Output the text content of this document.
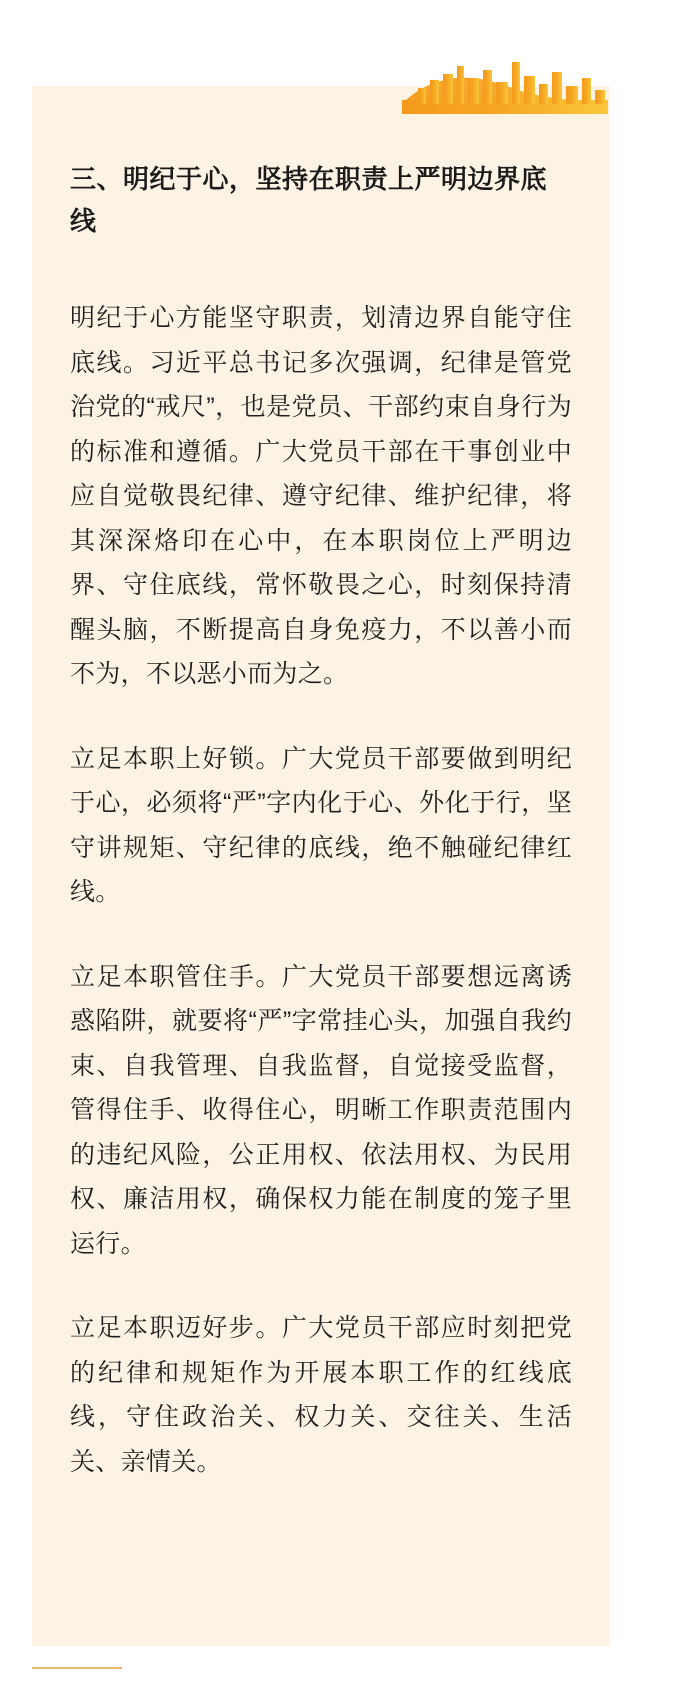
三、明纪于心，坚持在职责上严明边界底线

明纪于心方能坚守职责，划清边界自能守住底线。习近平总书记多次强调，纪律是管党治党的“戒尺”，也是党员、干部约束自身行为的标准和遵循。广大党员干部在干事创业中应自觉敬畏纪律、遵守纪律、维护纪律，将其深深烙印在心中，在本职岗位上严明边界、守住底线，常怀敬畏之心，时刻保持清醒头脑，不断提高自身免疫力，不以善小而不为，不以恶小而为之。

立足本职上好锁。广大党员干部要做到明纪于心，必须将“严”字内化于心、外化于行，坚守讲规矩、守纪律的底线，绝不触碰纪律红线。

立足本职管住手。广大党员干部要想远离诱惑陷阱，就要将“严”字常挂心头，加强自我约束、自我管理、自我监督，自觉接受监督，管得住手、收得住心，明晰工作职责范围内的违纪风险，公正用权、依法用权、为民用权、廉洁用权，确保权力能在制度的笼子里运行。

立足本职迈好步。广大党员干部应时刻把党的纪律和规矩作为开展本职工作的红线底线，守住政治关、权力关、交往关、生活关、亲情关。
